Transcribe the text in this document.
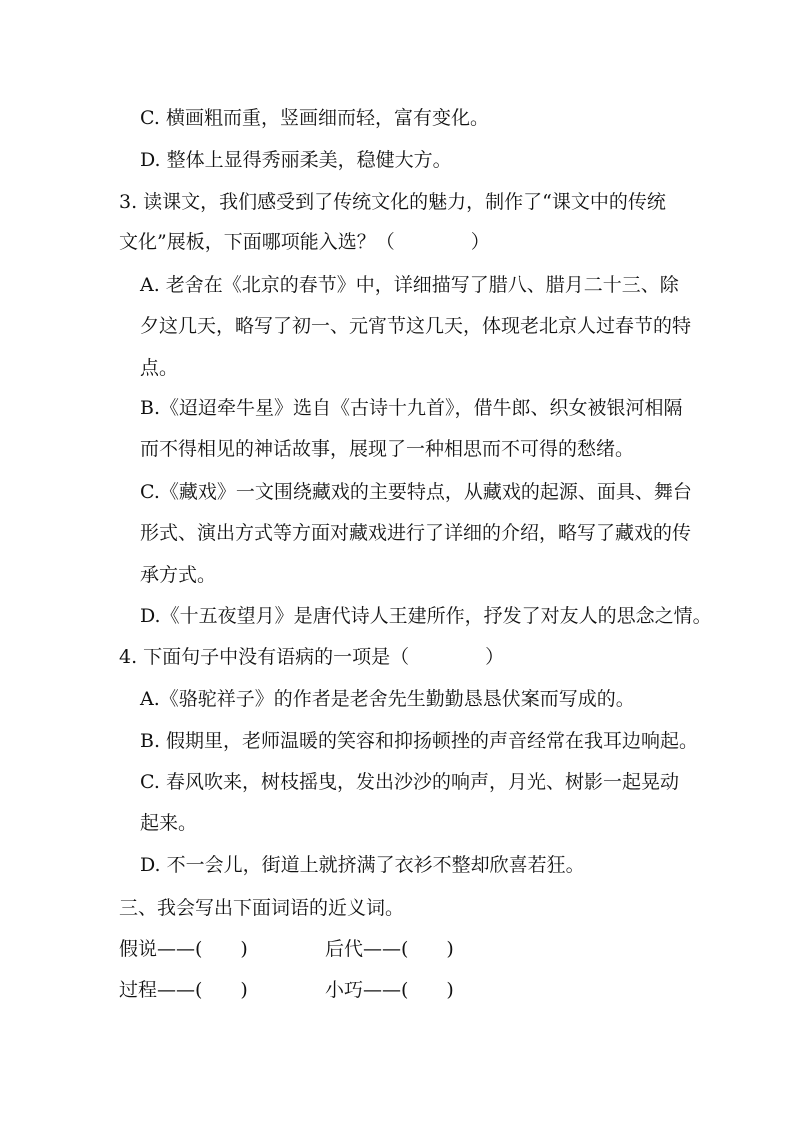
C. 横画粗而重，竖画细而轻，富有变化。
D. 整体上显得秀丽柔美，稳健大方。
3. 读课文，我们感受到了传统文化的魅力，制作了“课文中的传统
文化”展板，下面哪项能入选？（　　　　）
A. 老舍在《北京的春节》中，详细描写了腊八、腊月二十三、除
夕这几天，略写了初一、元宵节这几天，体现老北京人过春节的特
点。
B.《迢迢牵牛星》选自《古诗十九首》，借牛郎、织女被银河相隔
而不得相见的神话故事，展现了一种相思而不可得的愁绪。
C.《藏戏》一文围绕藏戏的主要特点，从藏戏的起源、面具、舞台
形式、演出方式等方面对藏戏进行了详细的介绍，略写了藏戏的传
承方式。
D.《十五夜望月》是唐代诗人王建所作，抒发了对友人的思念之情。
4. 下面句子中没有语病的一项是（　　　　）
A.《骆驼祥子》的作者是老舍先生勤勤恳恳伏案而写成的。
B. 假期里，老师温暖的笑容和抑扬顿挫的声音经常在我耳边响起。
C. 春风吹来，树枝摇曳，发出沙沙的响声，月光、树影一起晃动
起来。
D. 不一会儿，街道上就挤满了衣衫不整却欣喜若狂。
三、我会写出下面词语的近义词。
假说——(　　)	后代——(　　)
过程——(　　)	小巧——(　　)
